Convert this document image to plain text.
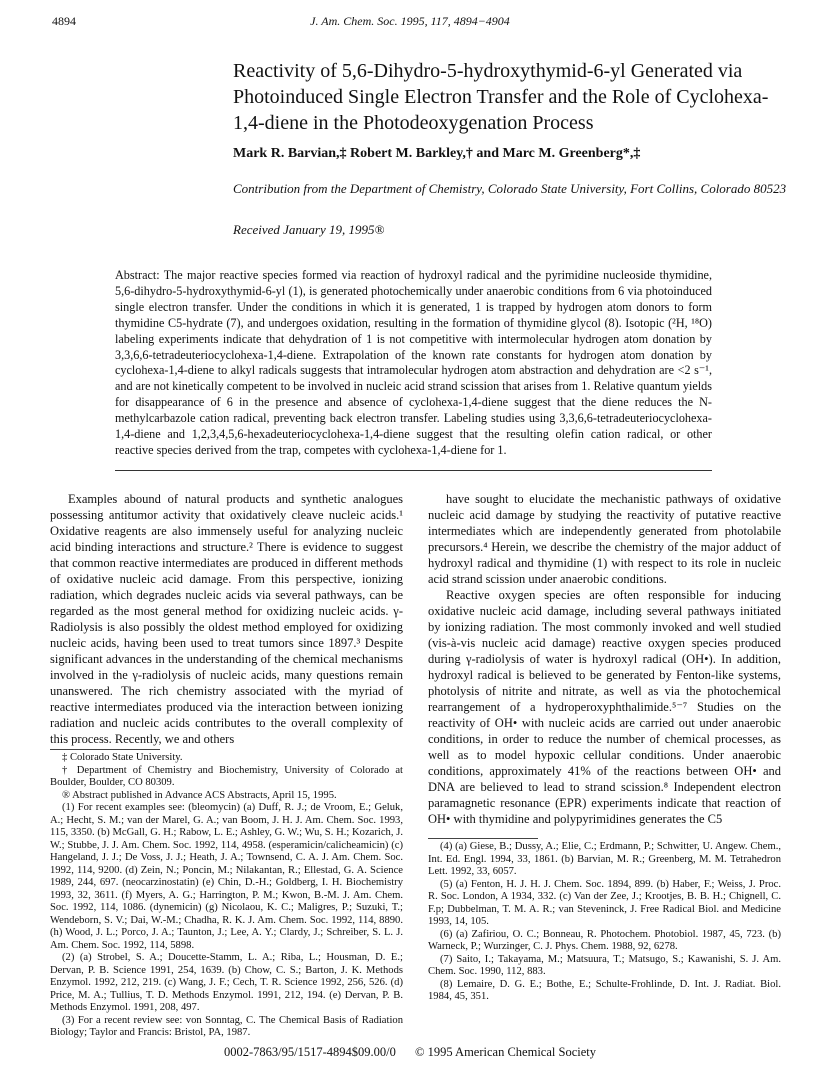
4894	J. Am. Chem. Soc. 1995, 117, 4894−4904
Reactivity of 5,6-Dihydro-5-hydroxythymid-6-yl Generated via Photoinduced Single Electron Transfer and the Role of Cyclohexa-1,4-diene in the Photodeoxygenation Process
Mark R. Barvian,‡ Robert M. Barkley,† and Marc M. Greenberg*,‡
Contribution from the Department of Chemistry, Colorado State University, Fort Collins, Colorado 80523
Received January 19, 1995®
Abstract: The major reactive species formed via reaction of hydroxyl radical and the pyrimidine nucleoside thymidine, 5,6-dihydro-5-hydroxythymid-6-yl (1), is generated photochemically under anaerobic conditions from 6 via photoinduced single electron transfer. Under the conditions in which it is generated, 1 is trapped by hydrogen atom donors to form thymidine C5-hydrate (7), and undergoes oxidation, resulting in the formation of thymidine glycol (8). Isotopic (²H, ¹⁸O) labeling experiments indicate that dehydration of 1 is not competitive with intermolecular hydrogen atom donation by 3,3,6,6-tetradeuteriocyclohexa-1,4-diene. Extrapolation of the known rate constants for hydrogen atom donation by cyclohexa-1,4-diene to alkyl radicals suggests that intramolecular hydrogen atom abstraction and dehydration are <2 s⁻¹, and are not kinetically competent to be involved in nucleic acid strand scission that arises from 1. Relative quantum yields for disappearance of 6 in the presence and absence of cyclohexa-1,4-diene suggest that the diene reduces the N-methylcarbazole cation radical, preventing back electron transfer. Labeling studies using 3,3,6,6-tetradeuteriocyclohexa-1,4-diene and 1,2,3,4,5,6-hexadeuteriocyclohexa-1,4-diene suggest that the resulting olefin cation radical, or other reactive species derived from the trap, competes with cyclohexa-1,4-diene for 1.

Examples abound of natural products and synthetic analogues possessing antitumor activity that oxidatively cleave nucleic acids.¹ Oxidative reagents are also immensely useful for analyzing nucleic acid binding interactions and structure.² There is evidence to suggest that common reactive intermediates are produced in different methods of oxidative nucleic acid damage. From this perspective, ionizing radiation, which degrades nucleic acids via several pathways, can be regarded as the most general method for oxidizing nucleic acids. γ-Radiolysis is also possibly the oldest method employed for oxidizing nucleic acids, having been used to treat tumors since 1897.³ Despite significant advances in the understanding of the chemical mechanisms involved in the γ-radiolysis of nucleic acids, many questions remain unanswered. The rich chemistry associated with the myriad of reactive intermediates produced via the interaction between ionizing radiation and nucleic acids contributes to the overall complexity of this process. Recently, we and others

‡ Colorado State University.

† Department of Chemistry and Biochemistry, University of Colorado at Boulder, Boulder, CO 80309.

® Abstract published in Advance ACS Abstracts, April 15, 1995.

(1) For recent examples see: (bleomycin) (a) Duff, R. J.; de Vroom, E.; Geluk, A.; Hecht, S. M.; van der Marel, G. A.; van Boom, J. H. J. Am. Chem. Soc. 1993, 115, 3350. (b) McGall, G. H.; Rabow, L. E.; Ashley, G. W.; Wu, S. H.; Kozarich, J. W.; Stubbe, J. J. Am. Chem. Soc. 1992, 114, 4958. (esperamicin/calicheamicin) (c) Hangeland, J. J.; De Voss, J. J.; Heath, J. A.; Townsend, C. A. J. Am. Chem. Soc. 1992, 114, 9200. (d) Zein, N.; Poncin, M.; Nilakantan, R.; Ellestad, G. A. Science 1989, 244, 697. (neocarzinostatin) (e) Chin, D.-H.; Goldberg, I. H. Biochemistry 1993, 32, 3611. (f) Myers, A. G.; Harrington, P. M.; Kwon, B.-M. J. Am. Chem. Soc. 1992, 114, 1086. (dynemicin) (g) Nicolaou, K. C.; Maligres, P.; Suzuki, T.; Wendeborn, S. V.; Dai, W.-M.; Chadha, R. K. J. Am. Chem. Soc. 1992, 114, 8890. (h) Wood, J. L.; Porco, J. A.; Taunton, J.; Lee, A. Y.; Clardy, J.; Schreiber, S. L. J. Am. Chem. Soc. 1992, 114, 5898.

(2) (a) Strobel, S. A.; Doucette-Stamm, L. A.; Riba, L.; Housman, D. E.; Dervan, P. B. Science 1991, 254, 1639. (b) Chow, C. S.; Barton, J. K. Methods Enzymol. 1992, 212, 219. (c) Wang, J. F.; Cech, T. R. Science 1992, 256, 526. (d) Price, M. A.; Tullius, T. D. Methods Enzymol. 1991, 212, 194. (e) Dervan, P. B. Methods Enzymol. 1991, 208, 497.

(3) For a recent review see: von Sonntag, C. The Chemical Basis of Radiation Biology; Taylor and Francis: Bristol, PA, 1987.

have sought to elucidate the mechanistic pathways of oxidative nucleic acid damage by studying the reactivity of putative reactive intermediates which are independently generated from photolabile precursors.⁴ Herein, we describe the chemistry of the major adduct of hydroxyl radical and thymidine (1) with respect to its role in nucleic acid strand scission under anaerobic conditions.

Reactive oxygen species are often responsible for inducing oxidative nucleic acid damage, including several pathways initiated by ionizing radiation. The most commonly invoked and well studied (vis-à-vis nucleic acid damage) reactive oxygen species produced during γ-radiolysis of water is hydroxyl radical (OH•). In addition, hydroxyl radical is believed to be generated by Fenton-like systems, photolysis of nitrite and nitrate, as well as via the photochemical rearrangement of a hydroperoxyphthalimide.⁵⁻⁷ Studies on the reactivity of OH• with nucleic acids are carried out under anaerobic conditions, in order to reduce the number of chemical processes, as well as to model hypoxic cellular conditions. Under anaerobic conditions, approximately 41% of the reactions between OH• and DNA are believed to lead to strand scission.⁸ Independent electron paramagnetic resonance (EPR) experiments indicate that reaction of OH• with thymidine and polypyrimidines generates the C5

(4) (a) Giese, B.; Dussy, A.; Elie, C.; Erdmann, P.; Schwitter, U. Angew. Chem., Int. Ed. Engl. 1994, 33, 1861. (b) Barvian, M. R.; Greenberg, M. M. Tetrahedron Lett. 1992, 33, 6057.

(5) (a) Fenton, H. J. H. J. Chem. Soc. 1894, 899. (b) Haber, F.; Weiss, J. Proc. R. Soc. London, A 1934, 332. (c) Van der Zee, J.; Krootjes, B. B. H.; Chignell, C. F.p; Dubbelman, T. M. A. R.; van Steveninck, J. Free Radical Biol. and Medicine 1993, 14, 105.

(6) (a) Zafiriou, O. C.; Bonneau, R. Photochem. Photobiol. 1987, 45, 723. (b) Warneck, P.; Wurzinger, C. J. Phys. Chem. 1988, 92, 6278.

(7) Saito, I.; Takayama, M.; Matsuura, T.; Matsugo, S.; Kawanishi, S. J. Am. Chem. Soc. 1990, 112, 883.

(8) Lemaire, D. G. E.; Bothe, E.; Schulte-Frohlinde, D. Int. J. Radiat. Biol. 1984, 45, 351.

0002-7863/95/1517-4894$09.00/0 © 1995 American Chemical Society
